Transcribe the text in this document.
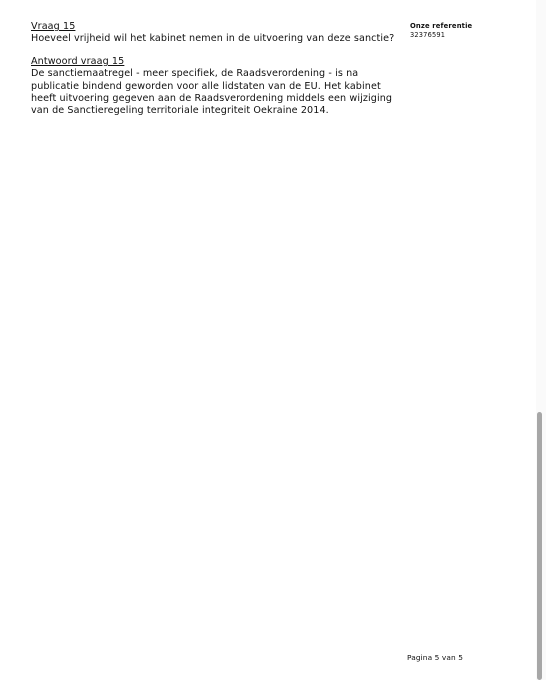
Vraag 15

Hoeveel vrijheid wil het kabinet nemen in de uitvoering van deze sanctie?

Antwoord vraag 15

De sanctiemaatregel - meer specifiek, de Raadsverordening - is na

publicatie bindend geworden voor alle lidstaten van de EU. Het kabinet

heeft uitvoering gegeven aan de Raadsverordening middels een wijziging

van de Sanctieregeling territoriale integriteit Oekraine 2014.

Onze referentie
32376591
Pagina 5 van 5
